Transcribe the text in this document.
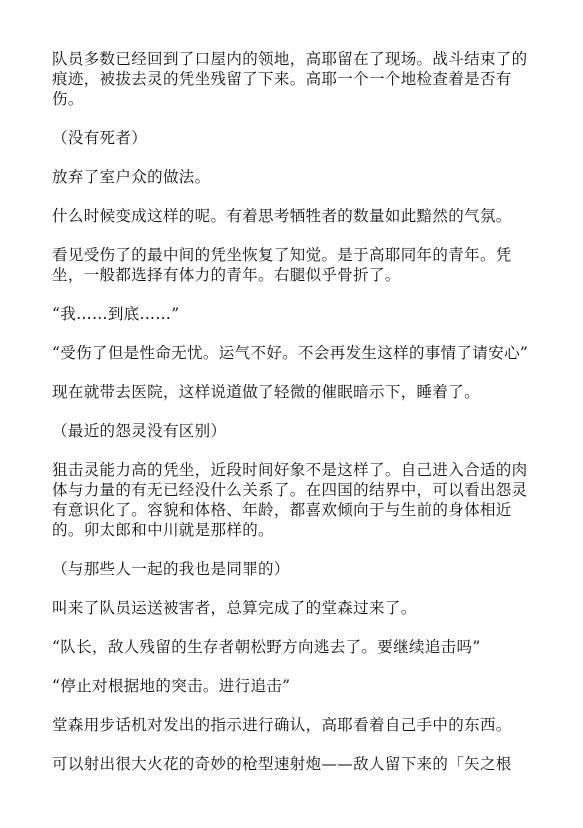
队员多数已经回到了口屋内的领地，高耶留在了现场。战斗结束了的痕迹，被拔去灵的凭坐残留了下来。高耶一个一个地检查着是否有伤。

（没有死者）

放弃了室户众的做法。

什么时候变成这样的呢。有着思考牺牲者的数量如此黯然的气氛。

看见受伤了的最中间的凭坐恢复了知觉。是于高耶同年的青年。凭坐，一般都选择有体力的青年。右腿似乎骨折了。

“我……到底……”

“受伤了但是性命无忧。运气不好。不会再发生这样的事情了请安心”

现在就带去医院，这样说道做了轻微的催眠暗示下，睡着了。

（最近的怨灵没有区别）

狙击灵能力高的凭坐，近段时间好象不是这样了。自己进入合适的肉体与力量的有无已经没什么关系了。在四国的结界中，可以看出怨灵有意识化了。容貌和体格、年龄，都喜欢倾向于与生前的身体相近的。卯太郎和中川就是那样的。

（与那些人一起的我也是同罪的）

叫来了队员运送被害者，总算完成了的堂森过来了。

“队长，敌人残留的生存者朝松野方向逃去了。要继续追击吗”

“停止对根据地的突击。进行追击”

堂森用步话机对发出的指示进行确认，高耶看着自己手中的东西。

可以射出很大火花的奇妙的枪型速射炮——敌人留下来的「矢之根
